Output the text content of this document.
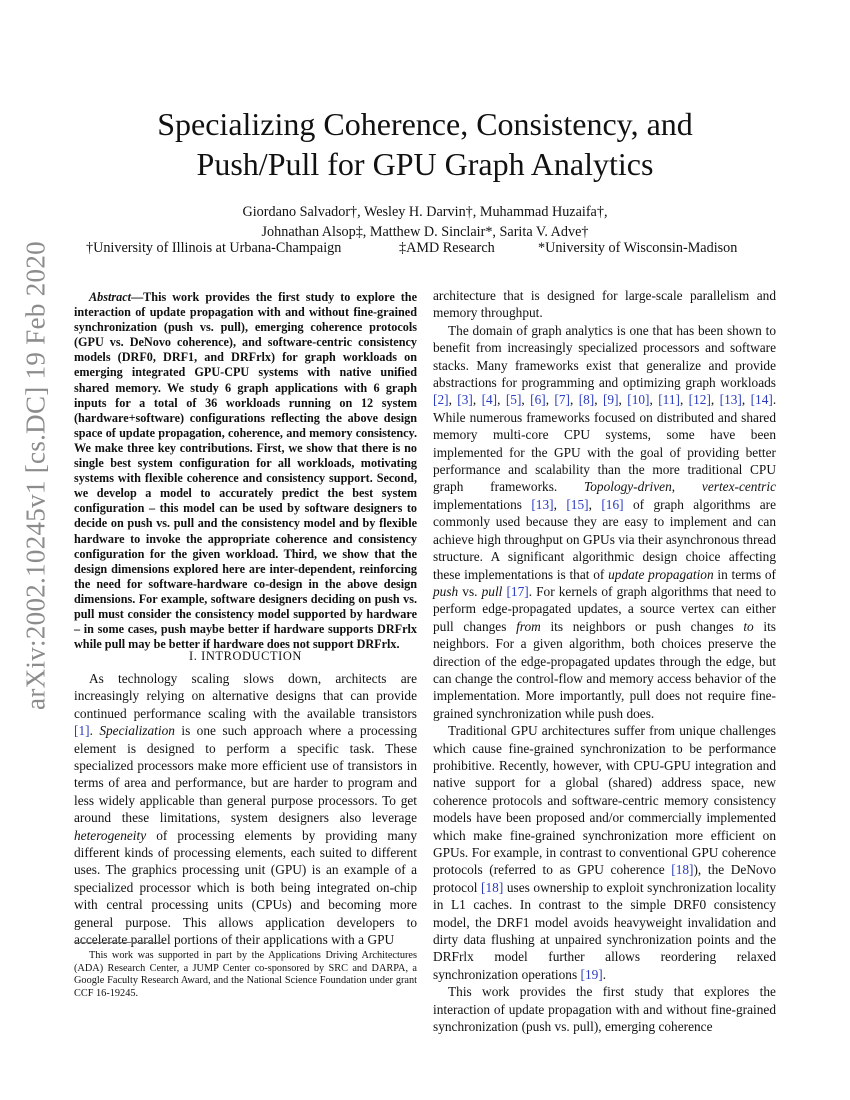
arXiv:2002.10245v1 [cs.DC] 19 Feb 2020
Specializing Coherence, Consistency, and
Push/Pull for GPU Graph Analytics
Giordano Salvador†, Wesley H. Darvin†, Muhammad Huzaifa†,
Johnathan Alsop‡, Matthew D. Sinclair*, Sarita V. Adve†
†University of Illinois at Urbana-Champaign	‡AMD Research	*University of Wisconsin-Madison

Abstract—This work provides the first study to explore the interaction of update propagation with and without fine-grained synchronization (push vs. pull), emerging coherence protocols (GPU vs. DeNovo coherence), and software-centric consistency models (DRF0, DRF1, and DRFrlx) for graph workloads on emerging integrated GPU-CPU systems with native unified shared memory. We study 6 graph applications with 6 graph inputs for a total of 36 workloads running on 12 system (hardware+software) configurations reflecting the above design space of update propagation, coherence, and memory consistency. We make three key contributions. First, we show that there is no single best system configuration for all workloads, motivating systems with flexible coherence and consistency support. Second, we develop a model to accurately predict the best system configuration – this model can be used by software designers to decide on push vs. pull and the consistency model and by flexible hardware to invoke the appropriate coherence and consistency configuration for the given workload. Third, we show that the design dimensions explored here are inter-dependent, reinforcing the need for software-hardware co-design in the above design dimensions. For example, software designers deciding on push vs. pull must consider the consistency model supported by hardware – in some cases, push maybe better if hardware supports DRFrlx while pull may be better if hardware does not support DRFrlx.

I. INTRODUCTION

As technology scaling slows down, architects are increasingly relying on alternative designs that can provide continued performance scaling with the available transistors [1]. Specialization is one such approach where a processing element is designed to perform a specific task. These specialized processors make more efficient use of transistors in terms of area and performance, but are harder to program and less widely applicable than general purpose processors. To get around these limitations, system designers also leverage heterogeneity of processing elements by providing many different kinds of processing elements, each suited to different uses. The graphics processing unit (GPU) is an example of a specialized processor which is both being integrated on-chip with central processing units (CPUs) and becoming more general purpose. This allows application developers to accelerate parallel portions of their applications with a GPU

This work was supported in part by the Applications Driving Architectures (ADA) Research Center, a JUMP Center co-sponsored by SRC and DARPA, a Google Faculty Research Award, and the National Science Foundation under grant CCF 16-19245.

architecture that is designed for large-scale parallelism and memory throughput.

The domain of graph analytics is one that has been shown to benefit from increasingly specialized processors and software stacks. Many frameworks exist that generalize and provide abstractions for programming and optimizing graph workloads [2], [3], [4], [5], [6], [7], [8], [9], [10], [11], [12], [13], [14]. While numerous frameworks focused on distributed and shared memory multi-core CPU systems, some have been implemented for the GPU with the goal of providing better performance and scalability than the more traditional CPU graph frameworks. Topology-driven, vertex-centric implementations [13], [15], [16] of graph algorithms are commonly used because they are easy to implement and can achieve high throughput on GPUs via their asynchronous thread structure. A significant algorithmic design choice affecting these implementations is that of update propagation in terms of push vs. pull [17]. For kernels of graph algorithms that need to perform edge-propagated updates, a source vertex can either pull changes from its neighbors or push changes to its neighbors. For a given algorithm, both choices preserve the direction of the edge-propagated updates through the edge, but can change the control-flow and memory access behavior of the implementation. More importantly, pull does not require fine-grained synchronization while push does.

Traditional GPU architectures suffer from unique challenges which cause fine-grained synchronization to be performance prohibitive. Recently, however, with CPU-GPU integration and native support for a global (shared) address space, new coherence protocols and software-centric memory consistency models have been proposed and/or commercially implemented which make fine-grained synchronization more efficient on GPUs. For example, in contrast to conventional GPU coherence protocols (referred to as GPU coherence [18]), the DeNovo protocol [18] uses ownership to exploit synchronization locality in L1 caches. In contrast to the simple DRF0 consistency model, the DRF1 model avoids heavyweight invalidation and dirty data flushing at unpaired synchronization points and the DRFrlx model further allows reordering relaxed synchronization operations [19].

This work provides the first study that explores the interaction of update propagation with and without fine-grained synchronization (push vs. pull), emerging coherence
